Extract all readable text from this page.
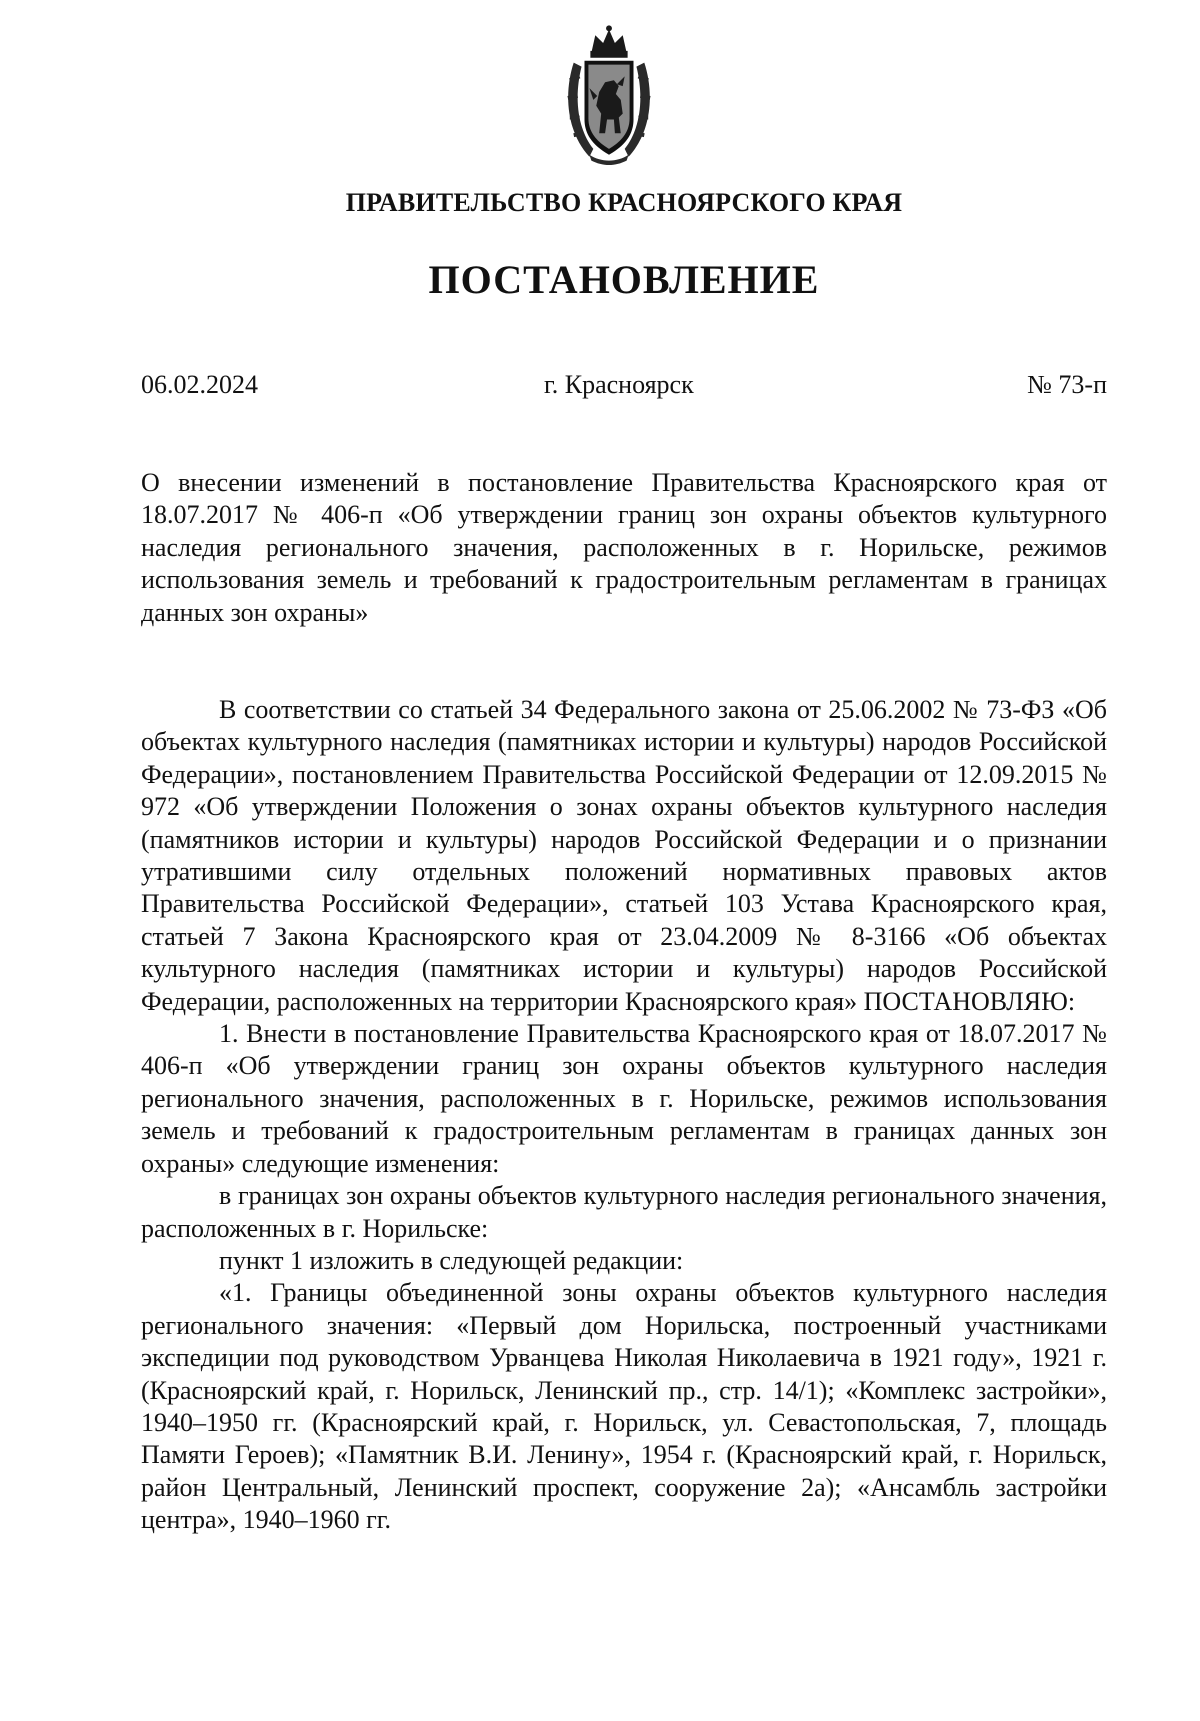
ПРАВИТЕЛЬСТВО КРАСНОЯРСКОГО КРАЯ
ПОСТАНОВЛЕНИЕ
06.02.2024	г. Красноярск	№ 73-п
О внесении изменений в постановление Правительства Красноярского края от 18.07.2017 № 406-п «Об утверждении границ зон охраны объектов культурного наследия регионального значения, расположенных в г. Норильске, режимов использования земель и требований к градостроительным регламентам в границах данных зон охраны»

В соответствии со статьей 34 Федерального закона от 25.06.2002 № 73-ФЗ «Об объектах культурного наследия (памятниках истории и культуры) народов Российской Федерации», постановлением Правительства Российской Федерации от 12.09.2015 № 972 «Об утверждении Положения о зонах охраны объектов культурного наследия (памятников истории и культуры) народов Российской Федерации и о признании утратившими силу отдельных положений нормативных правовых актов Правительства Российской Федерации», статьей 103 Устава Красноярского края, статьей 7 Закона Красноярского края от 23.04.2009 № 8-3166 «Об объектах культурного наследия (памятниках истории и культуры) народов Российской Федерации, расположенных на территории Красноярского края» ПОСТАНОВЛЯЮ:

1. Внести в постановление Правительства Красноярского края от 18.07.2017 № 406-п «Об утверждении границ зон охраны объектов культурного наследия регионального значения, расположенных в г. Норильске, режимов использования земель и требований к градостроительным регламентам в границах данных зон охраны» следующие изменения:

в границах зон охраны объектов культурного наследия регионального значения, расположенных в г. Норильске:

пункт 1 изложить в следующей редакции:

«1. Границы объединенной зоны охраны объектов культурного наследия регионального значения: «Первый дом Норильска, построенный участниками экспедиции под руководством Урванцева Николая Николаевича в 1921 году», 1921 г. (Красноярский край, г. Норильск, Ленинский пр., стр. 14/1); «Комплекс застройки», 1940–1950 гг. (Красноярский край, г. Норильск, ул. Севастопольская, 7, площадь Памяти Героев); «Памятник В.И. Ленину», 1954 г. (Красноярский край, г. Норильск, район Центральный, Ленинский проспект, сооружение 2а); «Ансамбль застройки центра», 1940–1960 гг.
